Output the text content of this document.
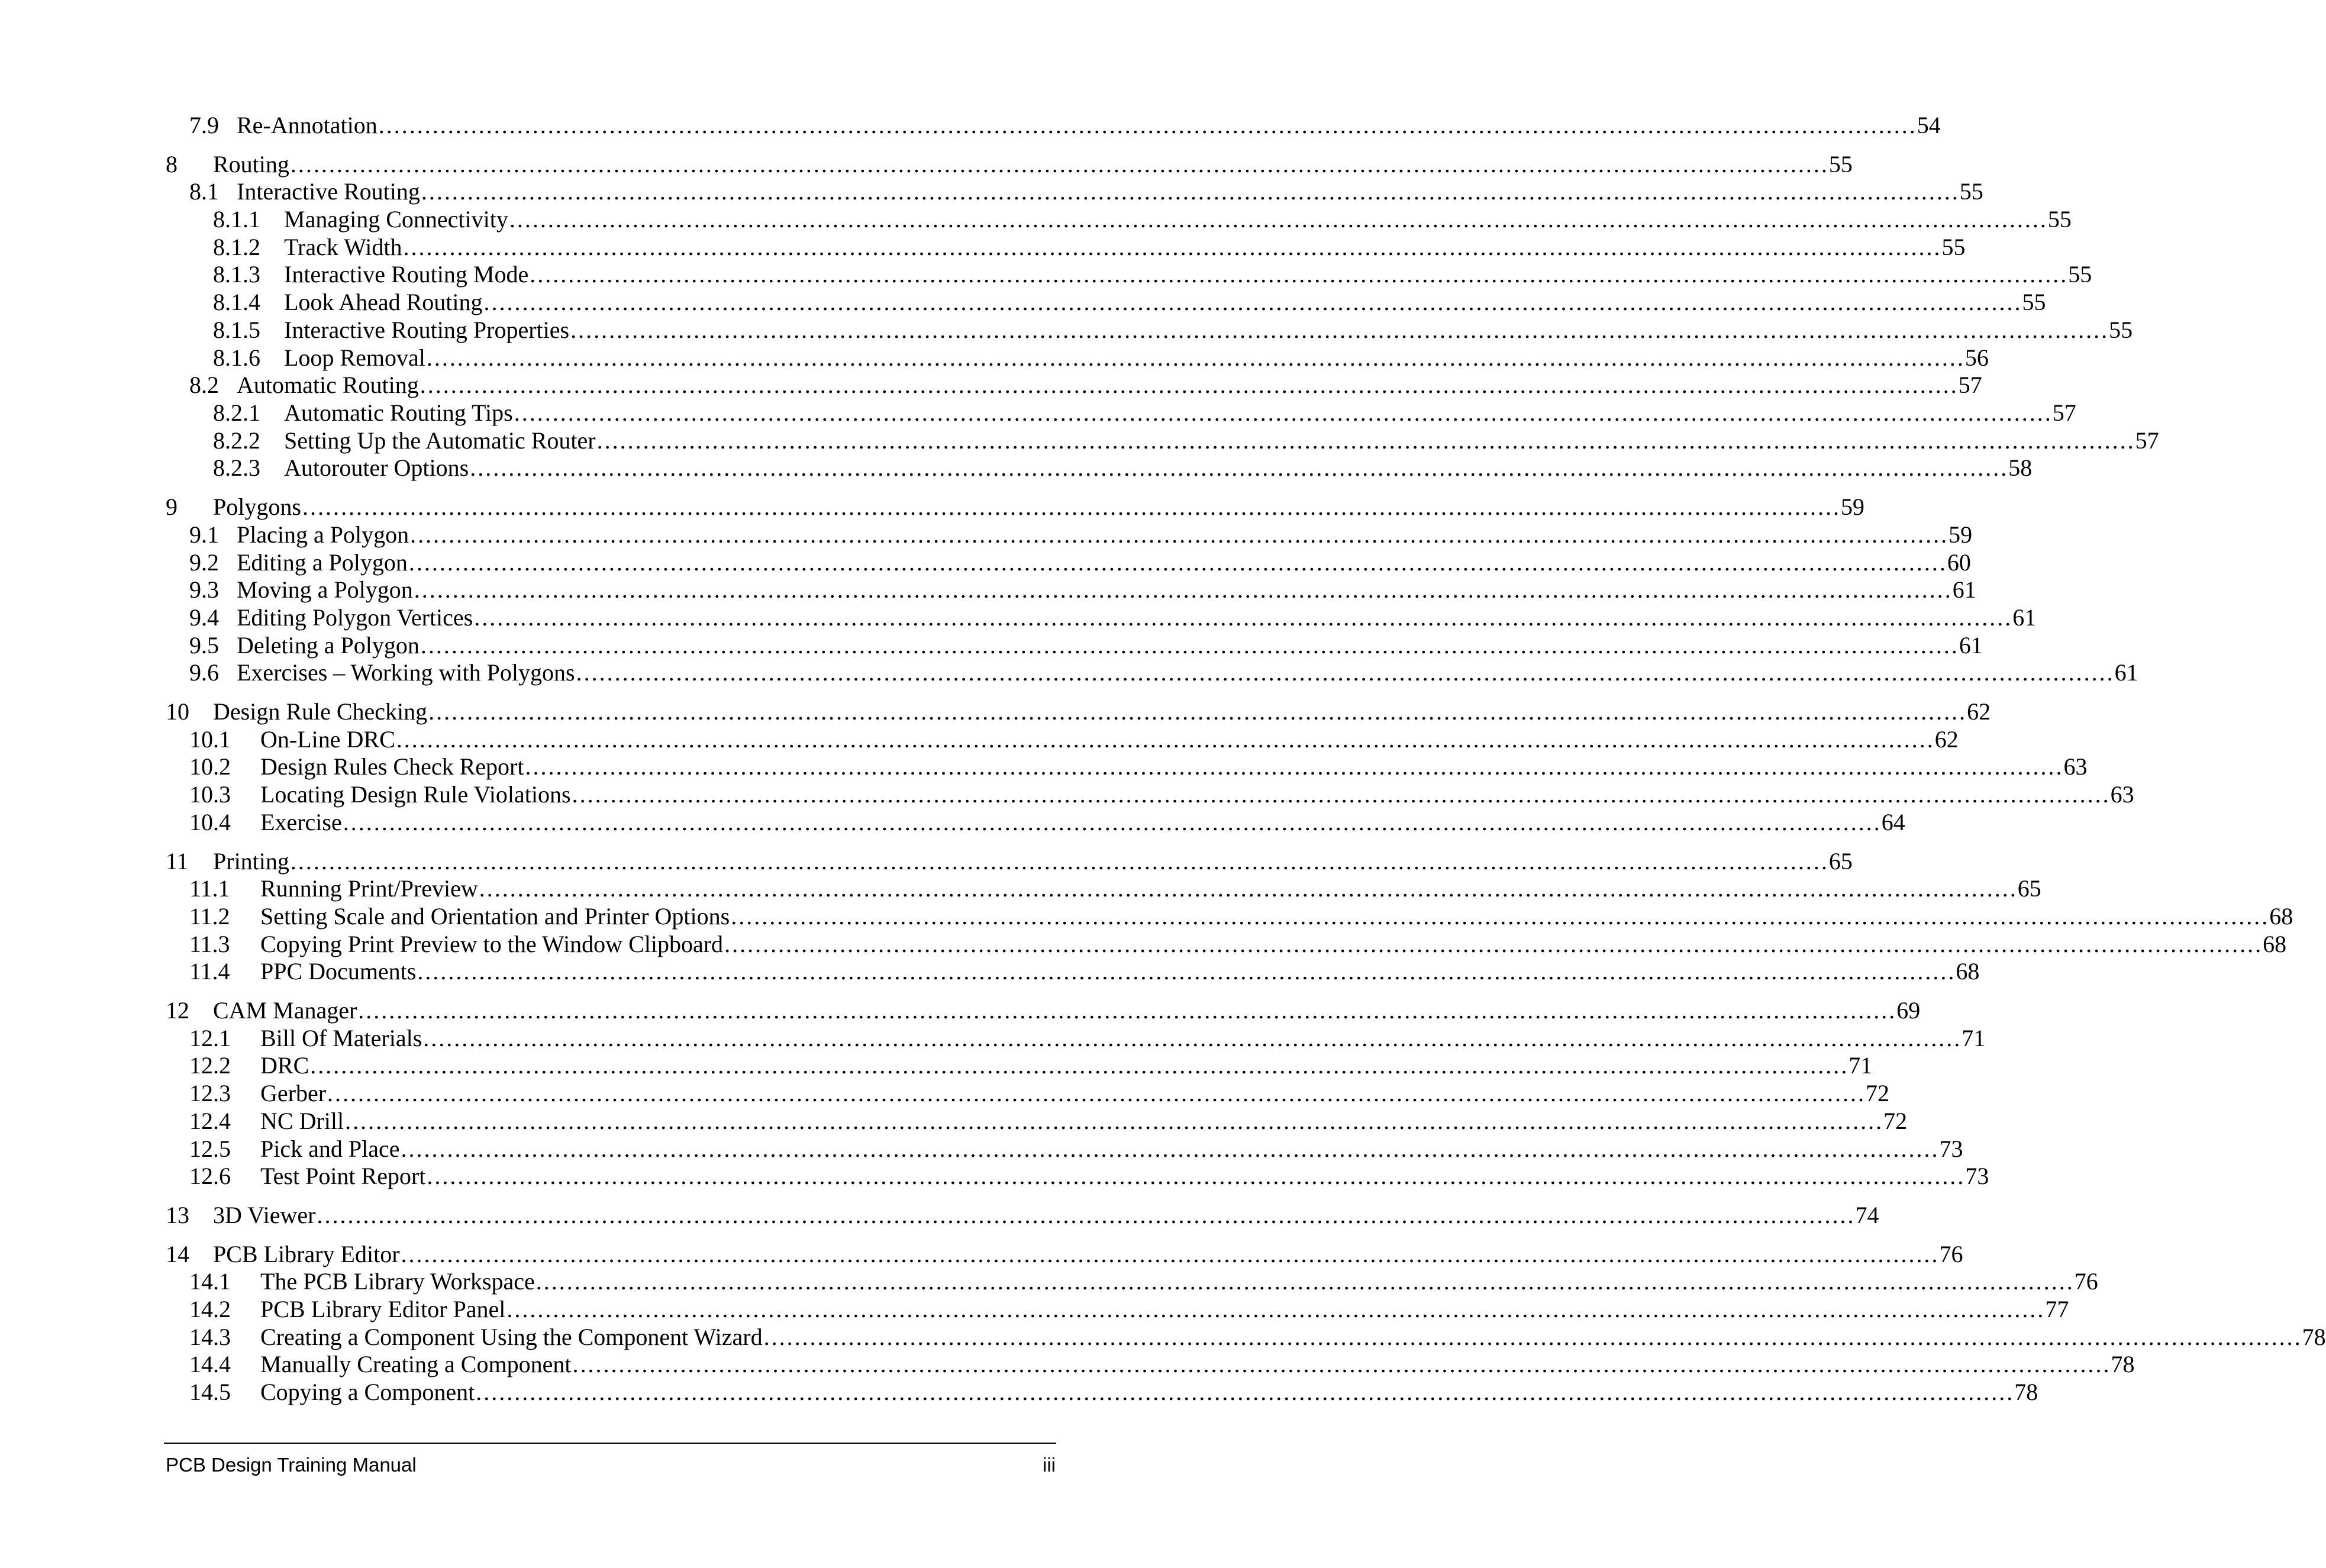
7.9 Re-Annotation ........................................................................................................................................................................................................ 54
8	Routing ........................................................................................................................................................................................................ 55
8.1 Interactive Routing ........................................................................................................................................................................................................ 55
8.1.1	Managing Connectivity ........................................................................................................................................................................................................ 55
8.1.2	Track Width ........................................................................................................................................................................................................ 55
8.1.3	Interactive Routing Mode ........................................................................................................................................................................................................ 55
8.1.4	Look Ahead Routing ........................................................................................................................................................................................................ 55
8.1.5	Interactive Routing Properties ........................................................................................................................................................................................................ 55
8.1.6	Loop Removal ........................................................................................................................................................................................................ 56
8.2 Automatic Routing ........................................................................................................................................................................................................ 57
8.2.1	Automatic Routing Tips ........................................................................................................................................................................................................ 57
8.2.2	Setting Up the Automatic Router ........................................................................................................................................................................................................ 57
8.2.3	Autorouter Options ........................................................................................................................................................................................................ 58
9	Polygons ........................................................................................................................................................................................................ 59
9.1 Placing a Polygon ........................................................................................................................................................................................................ 59
9.2 Editing a Polygon ........................................................................................................................................................................................................ 60
9.3 Moving a Polygon ........................................................................................................................................................................................................ 61
9.4 Editing Polygon Vertices ........................................................................................................................................................................................................ 61
9.5 Deleting a Polygon ........................................................................................................................................................................................................ 61
9.6 Exercises – Working with Polygons ........................................................................................................................................................................................................ 61
10	Design Rule Checking ........................................................................................................................................................................................................ 62
10.1	On-Line DRC ........................................................................................................................................................................................................ 62
10.2	Design Rules Check Report ........................................................................................................................................................................................................ 63
10.3	Locating Design Rule Violations ........................................................................................................................................................................................................ 63
10.4	Exercise ........................................................................................................................................................................................................ 64
11	Printing ........................................................................................................................................................................................................ 65
11.1	Running Print/Preview ........................................................................................................................................................................................................ 65
11.2	Setting Scale and Orientation and Printer Options ........................................................................................................................................................................................................ 68
11.3	Copying Print Preview to the Window Clipboard ........................................................................................................................................................................................................ 68
11.4	PPC Documents ........................................................................................................................................................................................................ 68
12	CAM Manager ........................................................................................................................................................................................................ 69
12.1	Bill Of Materials ........................................................................................................................................................................................................ 71
12.2	DRC ........................................................................................................................................................................................................ 71
12.3	Gerber ........................................................................................................................................................................................................ 72
12.4	NC Drill ........................................................................................................................................................................................................ 72
12.5	Pick and Place ........................................................................................................................................................................................................ 73
12.6	Test Point Report ........................................................................................................................................................................................................ 73
13	3D Viewer ........................................................................................................................................................................................................ 74
14	PCB Library Editor ........................................................................................................................................................................................................ 76
14.1	The PCB Library Workspace ........................................................................................................................................................................................................ 76
14.2	PCB Library Editor Panel ........................................................................................................................................................................................................ 77
14.3	Creating a Component Using the Component Wizard ........................................................................................................................................................................................................ 78
14.4	Manually Creating a Component ........................................................................................................................................................................................................ 78
14.5	Copying a Component ........................................................................................................................................................................................................ 78
PCB Design Training Manual	iii
